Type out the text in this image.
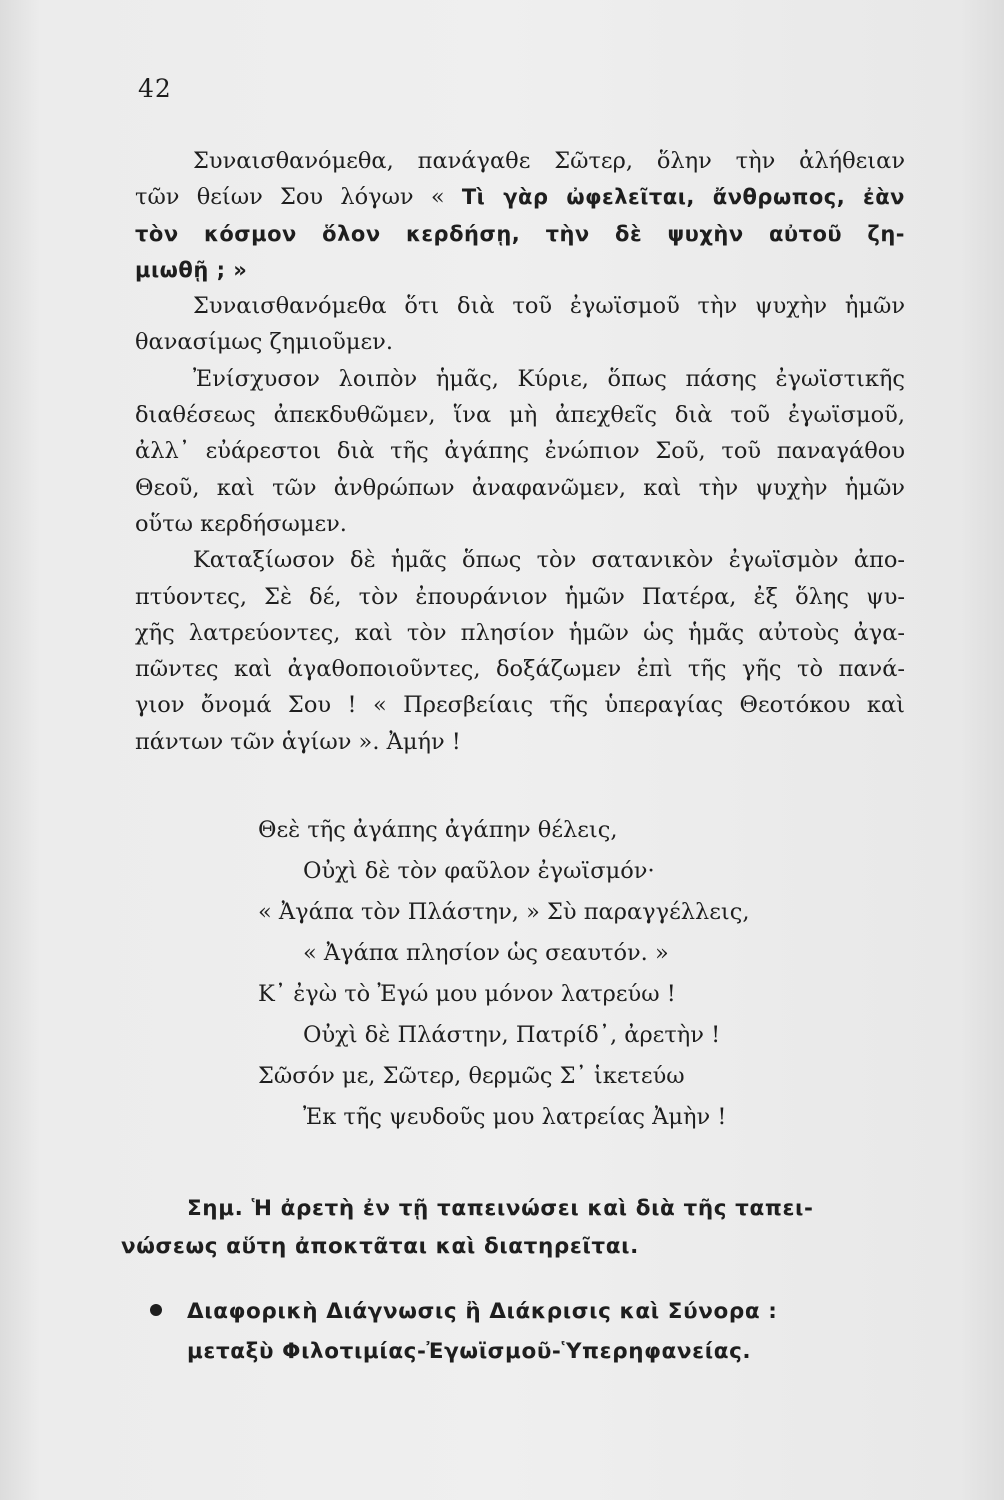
42

Συναισθανόμεθα, πανάγαθε Σῶτερ, ὅλην τὴν ἀλήθειαν
τῶν θείων Σου λόγων « Τὶ γὰρ ὠφελεῖται, ἄνθρωπος, ἐὰν
τὸν κόσμον ὅλον κερδήσῃ, τὴν δὲ ψυχὴν αὐτοῦ ζη-
μιωθῇ ; »

Συναισθανόμεθα ὅτι διὰ τοῦ ἐγωϊσμοῦ τὴν ψυχὴν ἡμῶν
θανασίμως ζημιοῦμεν.

Ἐνίσχυσον λοιπὸν ἡμᾶς, Κύριε, ὅπως πάσης ἐγωϊστικῆς
διαθέσεως ἀπεκδυθῶμεν, ἵνα μὴ ἀπεχθεῖς διὰ τοῦ ἐγωϊσμοῦ,
ἀλλ᾽ εὐάρεστοι διὰ τῆς ἀγάπης ἐνώπιον Σοῦ, τοῦ παναγάθου
Θεοῦ, καὶ τῶν ἀνθρώπων ἀναφανῶμεν, καὶ τὴν ψυχὴν ἡμῶν
οὕτω κερδήσωμεν.

Καταξίωσον δὲ ἡμᾶς ὅπως τὸν σατανικὸν ἐγωϊσμὸν ἀπο-
πτύοντες, Σὲ δέ, τὸν ἐπουράνιον ἡμῶν Πατέρα, ἐξ ὅλης ψυ-
χῆς λατρεύοντες, καὶ τὸν πλησίον ἡμῶν ὡς ἡμᾶς αὐτοὺς ἀγα-
πῶντες καὶ ἀγαθοποιοῦντες, δοξάζωμεν ἐπὶ τῆς γῆς τὸ πανά-
γιον ὄνομά Σου ! « Πρεσβείαις τῆς ὑπεραγίας Θεοτόκου καὶ
πάντων τῶν ἁγίων ». Ἀμήν !

Θεὲ τῆς ἀγάπης ἀγάπην θέλεις,
Οὐχὶ δὲ τὸν φαῦλον ἐγωϊσμόν·
« Ἀγάπα τὸν Πλάστην, » Σὺ παραγγέλλεις,
« Ἀγάπα πλησίον ὡς σεαυτόν. »
Κ᾽ ἐγὼ τὸ Ἐγώ μου μόνον λατρεύω !
Οὐχὶ δὲ Πλάστην, Πατρίδ᾽, ἀρετὴν !
Σῶσόν με, Σῶτερ, θερμῶς Σ᾽ ἱκετεύω
Ἐκ τῆς ψευδοῦς μου λατρείας Ἀμὴν !
Σημ. Ἡ ἀρετὴ ἐν τῇ ταπεινώσει καὶ διὰ τῆς ταπει-
νώσεως αὕτη ἀποκτᾶται καὶ διατηρεῖται.
Διαφορικὴ Διάγνωσις ἢ Διάκρισις καὶ Σύνορα :
μεταξὺ Φιλοτιμίας-Ἐγωϊσμοῦ-Ὑπερηφανείας.
